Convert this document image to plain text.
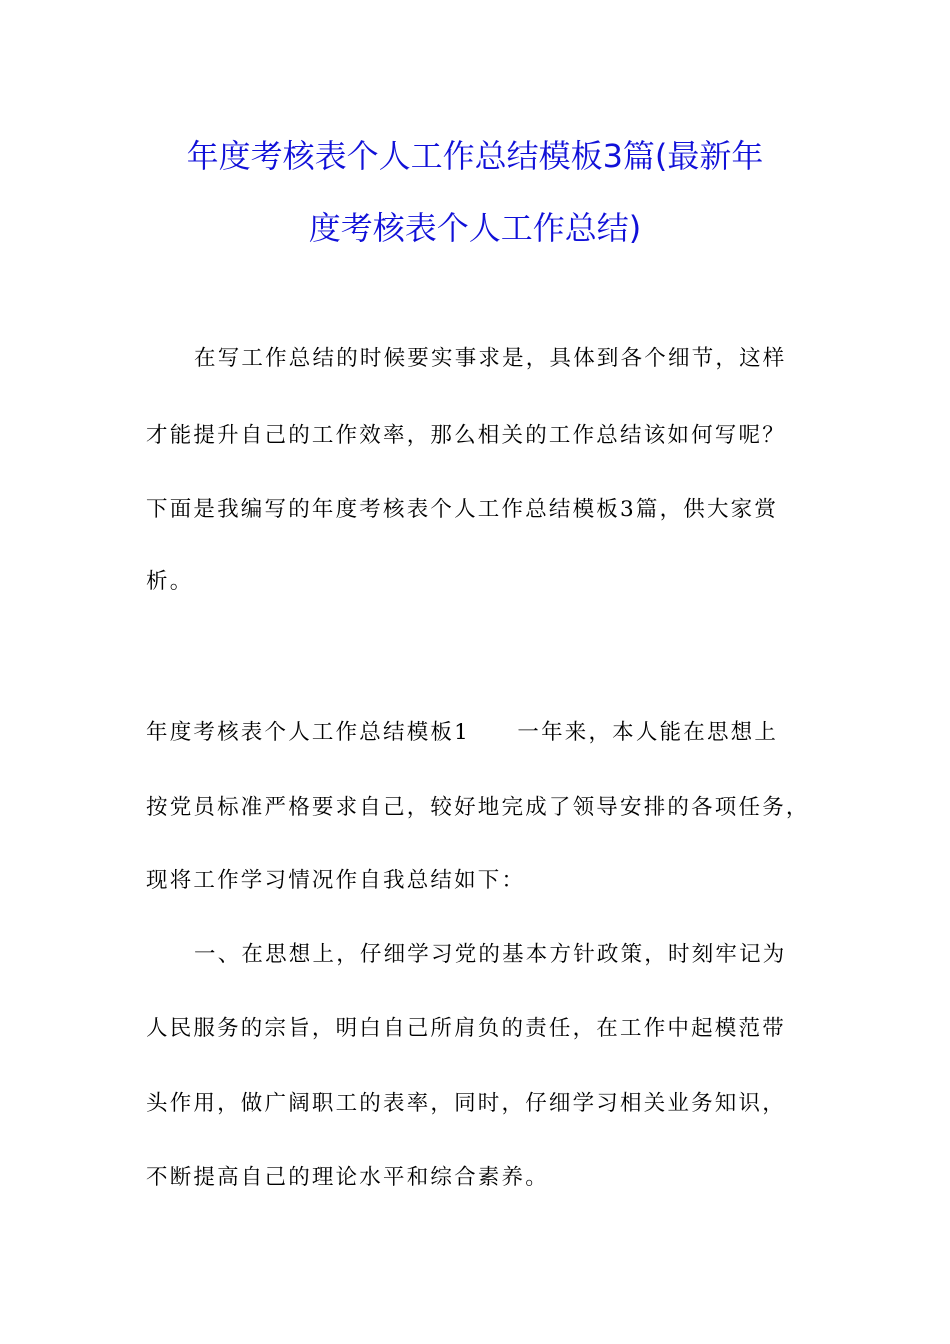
年度考核表个人工作总结模板3篇(最新年
度考核表个人工作总结)
在写工作总结的时候要实事求是，具体到各个细节，这样
才能提升自己的工作效率，那么相关的工作总结该如何写呢？
下面是我编写的年度考核表个人工作总结模板3篇，供大家赏
析。
年度考核表个人工作总结模板1　　一年来，本人能在思想上
按党员标准严格要求自己，较好地完成了领导安排的各项任务，
现将工作学习情况作自我总结如下：
一、在思想上，仔细学习党的基本方针政策，时刻牢记为
人民服务的宗旨，明白自己所肩负的责任，在工作中起模范带
头作用，做广阔职工的表率，同时，仔细学习相关业务知识，
不断提高自己的理论水平和综合素养。
